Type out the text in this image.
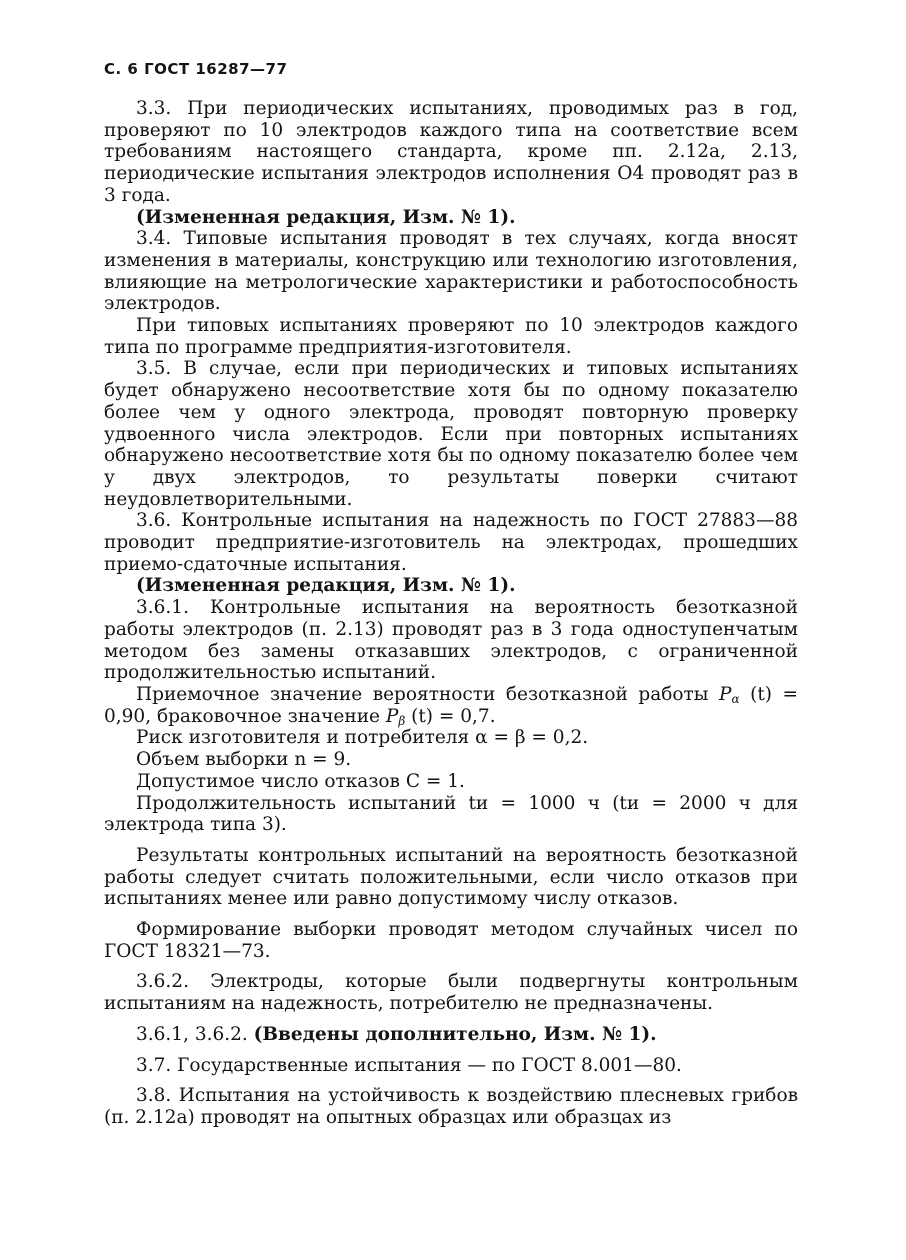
С. 6 ГОСТ 16287—77

3.3. При периодических испытаниях, проводимых раз в год, проверяют по 10 электродов каждого типа на соответствие всем требованиям настоящего стандарта, кроме пп. 2.12а, 2.13, периодические испытания электродов исполнения О4 проводят раз в 3 года.

(Измененная редакция, Изм. № 1).

3.4. Типовые испытания проводят в тех случаях, когда вносят изменения в материалы, конструкцию или технологию изготовления, влияющие на метрологические характеристики и работоспособность электродов.

При типовых испытаниях проверяют по 10 электродов каждого типа по программе предприятия-изготовителя.

3.5. В случае, если при периодических и типовых испытаниях будет обнаружено несоответствие хотя бы по одному показателю более чем у одного электрода, проводят повторную проверку удвоенного числа электродов. Если при повторных испытаниях обнаружено несоответствие хотя бы по одному показателю более чем у двух электродов, то результаты поверки считают неудовлетворительными.

3.6. Контрольные испытания на надежность по ГОСТ 27883—88 проводит предприятие-изготовитель на электродах, прошедших приемо-сдаточные испытания.

(Измененная редакция, Изм. № 1).

3.6.1. Контрольные испытания на вероятность безотказной работы электродов (п. 2.13) проводят раз в 3 года одноступенчатым методом без замены отказавших электродов, с ограниченной продолжительностью испытаний.

Приемочное значение вероятности безотказной работы $P_\alpha$ (t) = 0,90, браковочное значение $P_\beta$ (t) = 0,7.

Риск изготовителя и потребителя α = β = 0,2.

Объем выборки n = 9.

Допустимое число отказов С = 1.

Продолжительность испытаний tи = 1000 ч (tи = 2000 ч для электрода типа 3).

Результаты контрольных испытаний на вероятность безотказной работы следует считать положительными, если число отказов при испытаниях менее или равно допустимому числу отказов.

Формирование выборки проводят методом случайных чисел по ГОСТ 18321—73.

3.6.2. Электроды, которые были подвергнуты контрольным испытаниям на надежность, потребителю не предназначены.

3.6.1, 3.6.2. (Введены дополнительно, Изм. № 1).

3.7. Государственные испытания — по ГОСТ 8.001—80.

3.8. Испытания на устойчивость к воздействию плесневых грибов (п. 2.12а) проводят на опытных образцах или образцах из
